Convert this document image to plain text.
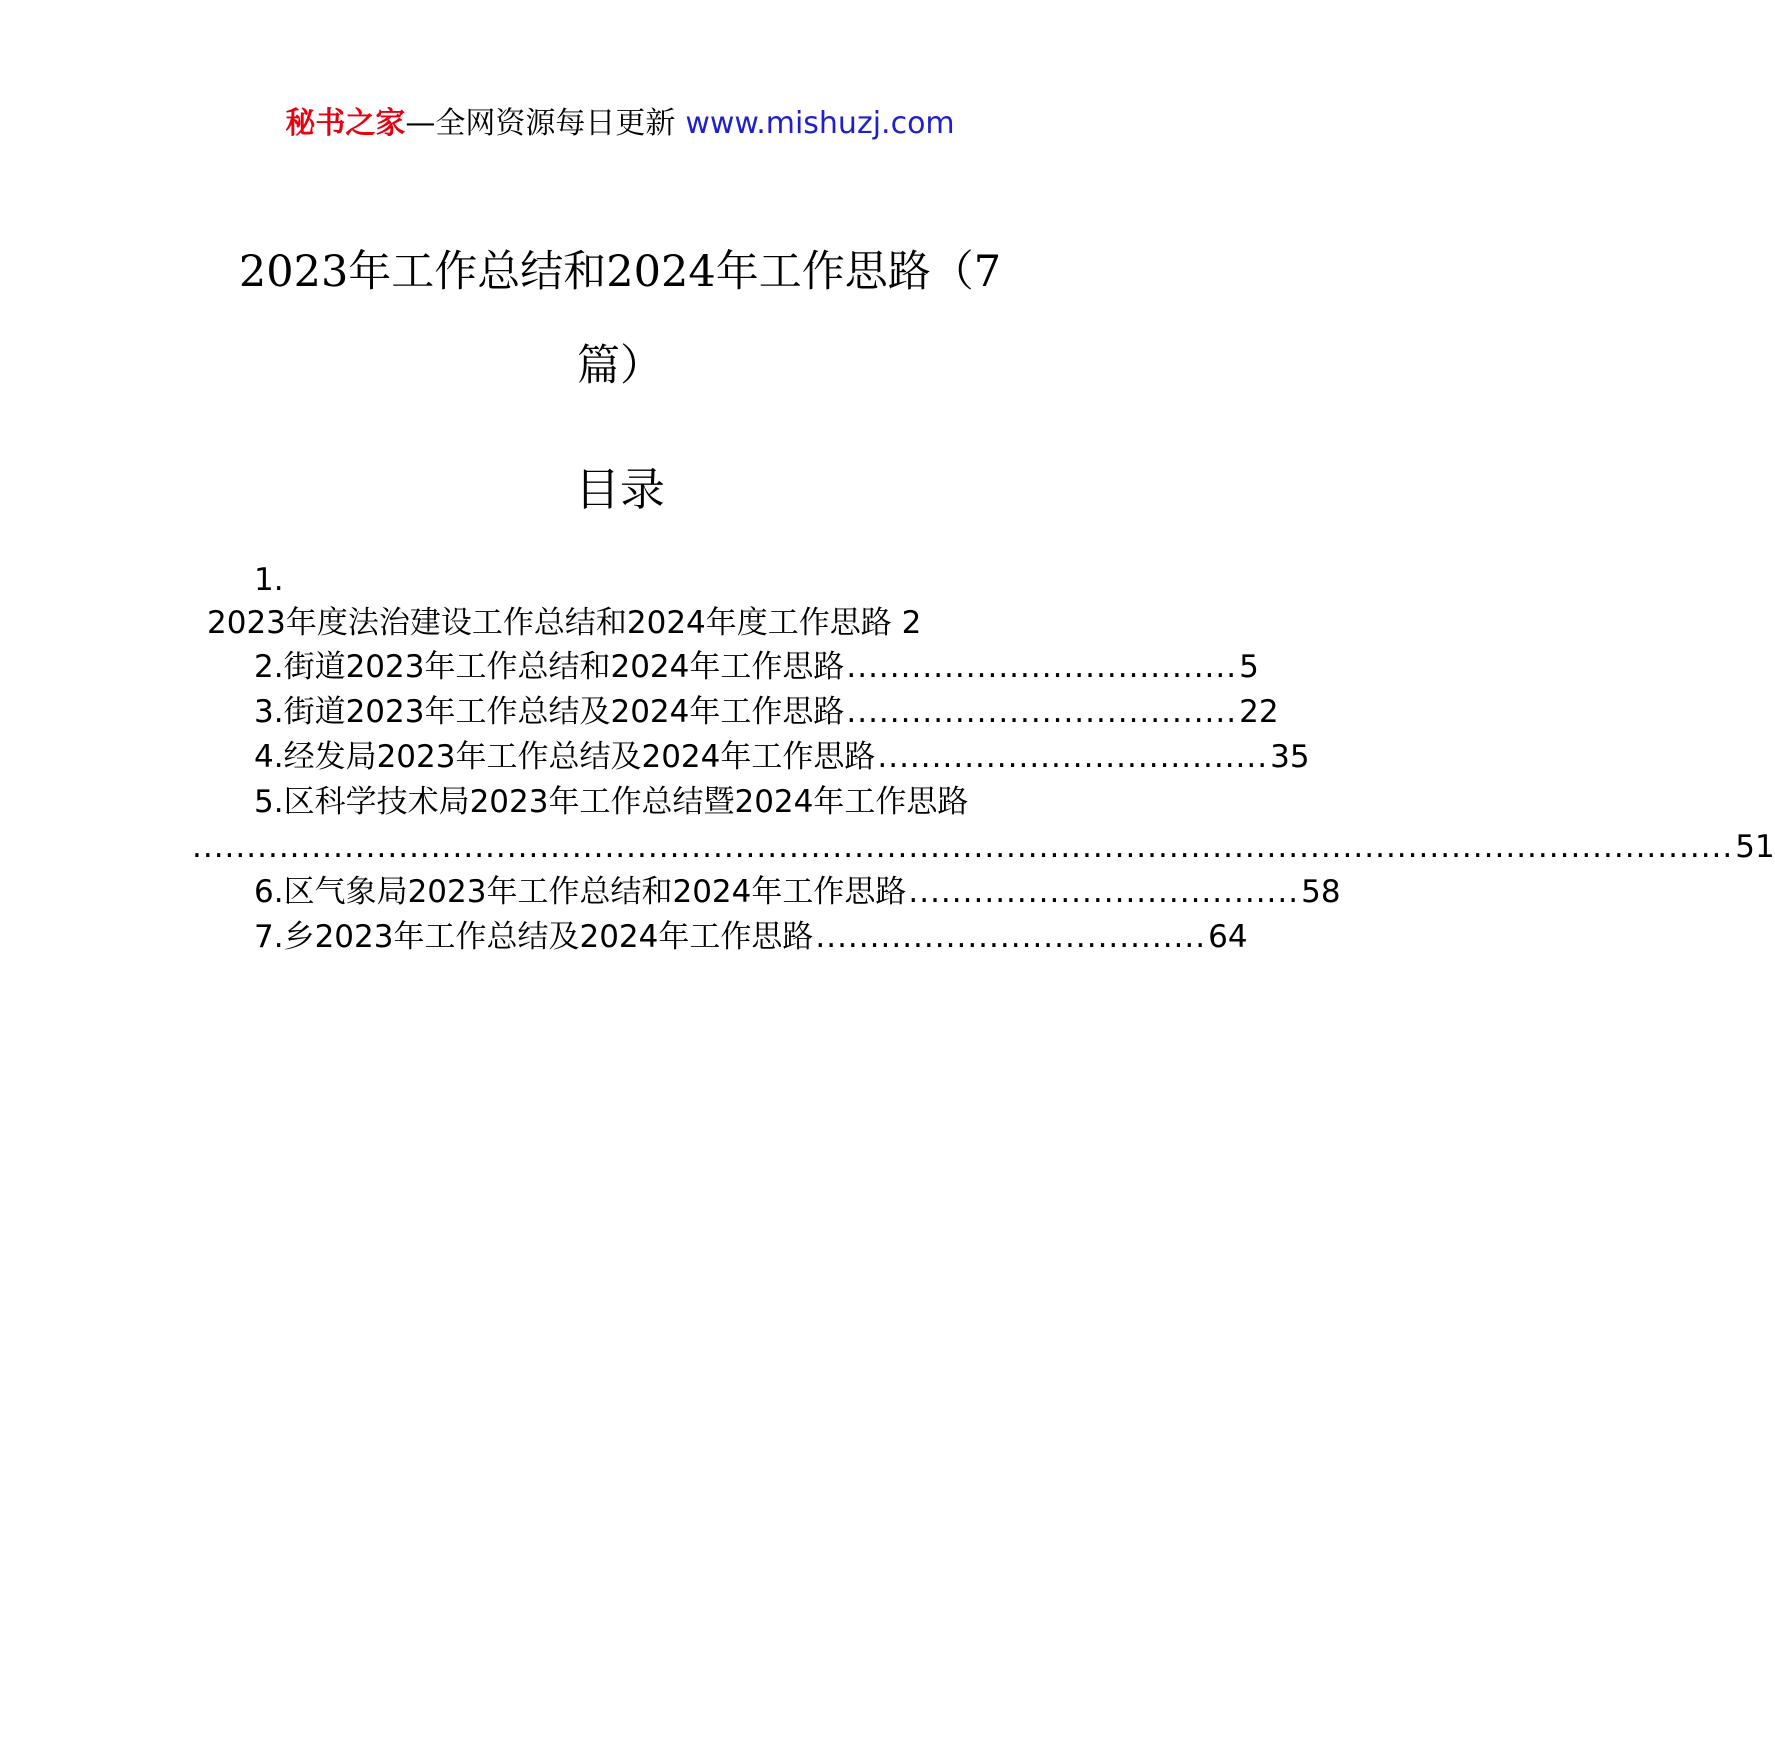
秘书之家—全网资源每日更新 www.mishuzj.com
2023年工作总结和2024年工作思路（7
篇）
目录
1.
2023年度法治建设工作总结和2024年度工作思路 2
2.街道2023年工作总结和2024年工作思路 .................................... 5
3.街道2023年工作总结及2024年工作思路 .................................... 22
4.经发局2023年工作总结及2024年工作思路 .................................... 35
5.区科学技术局2023年工作总结暨2024年工作思路
.............................................................................................................................................. 51
6.区气象局2023年工作总结和2024年工作思路 .................................... 58
7.乡2023年工作总结及2024年工作思路 .................................... 64
